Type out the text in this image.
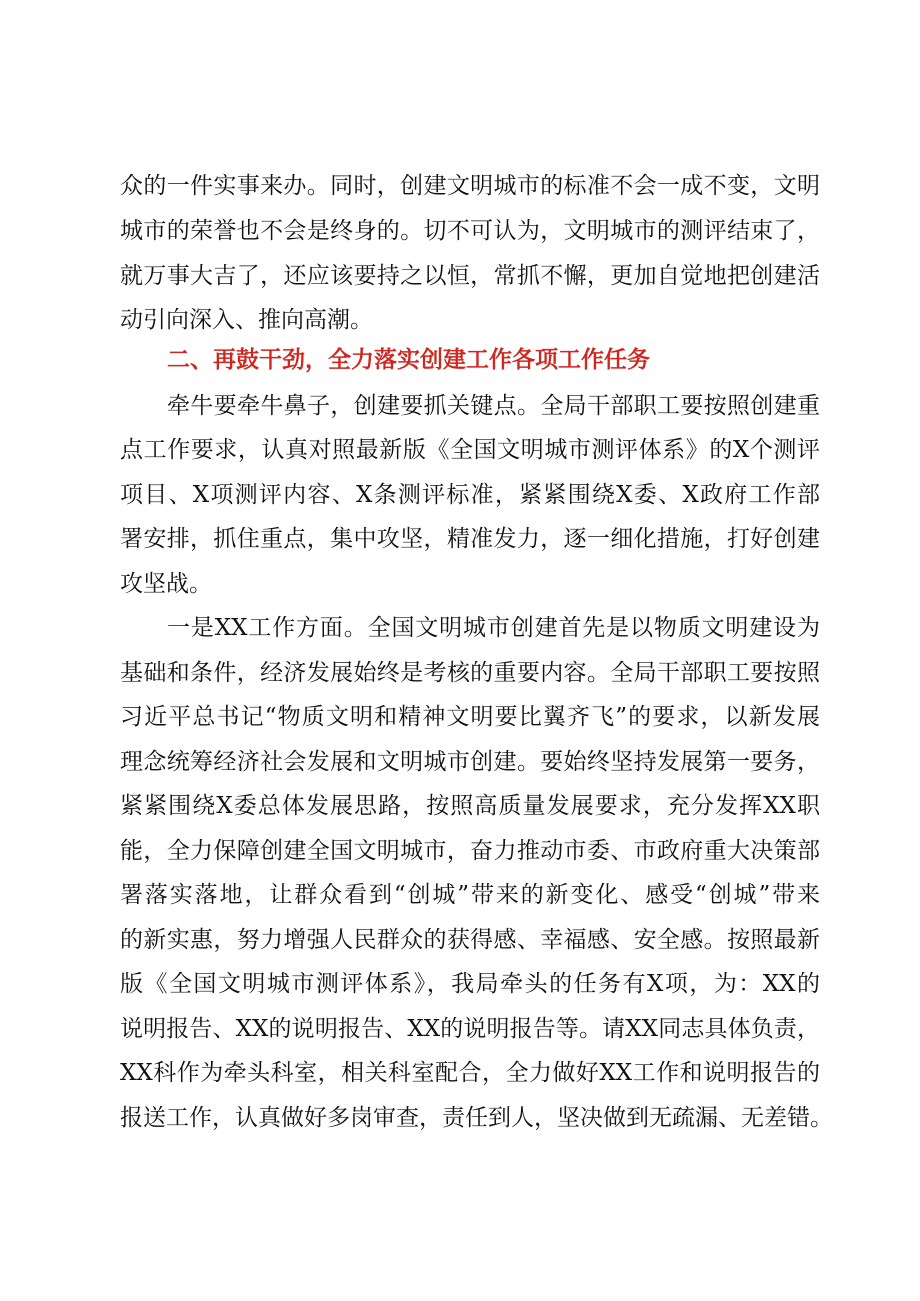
众的一件实事来办。同时，创建文明城市的标准不会一成不变，文明
城市的荣誉也不会是终身的。切不可认为，文明城市的测评结束了，
就万事大吉了，还应该要持之以恒，常抓不懈，更加自觉地把创建活
动引向深入、推向高潮。
二、再鼓干劲，全力落实创建工作各项工作任务
牵牛要牵牛鼻子，创建要抓关键点。全局干部职工要按照创建重
点工作要求，认真对照最新版《全国文明城市测评体系》的X个测评
项目、X项测评内容、X条测评标准，紧紧围绕X委、X政府工作部
署安排，抓住重点，集中攻坚，精准发力，逐一细化措施，打好创建
攻坚战。
一是XX工作方面。全国文明城市创建首先是以物质文明建设为
基础和条件，经济发展始终是考核的重要内容。全局干部职工要按照
习近平总书记“物质文明和精神文明要比翼齐飞”的要求，以新发展
理念统筹经济社会发展和文明城市创建。要始终坚持发展第一要务，
紧紧围绕X委总体发展思路，按照高质量发展要求，充分发挥XX职
能，全力保障创建全国文明城市，奋力推动市委、市政府重大决策部
署落实落地，让群众看到“创城”带来的新变化、感受“创城”带来
的新实惠，努力增强人民群众的获得感、幸福感、安全感。按照最新
版《全国文明城市测评体系》，我局牵头的任务有X项，为：XX的
说明报告、XX的说明报告、XX的说明报告等。请XX同志具体负责，
XX科作为牵头科室，相关科室配合，全力做好XX工作和说明报告的
报送工作，认真做好多岗审查，责任到人，坚决做到无疏漏、无差错。
